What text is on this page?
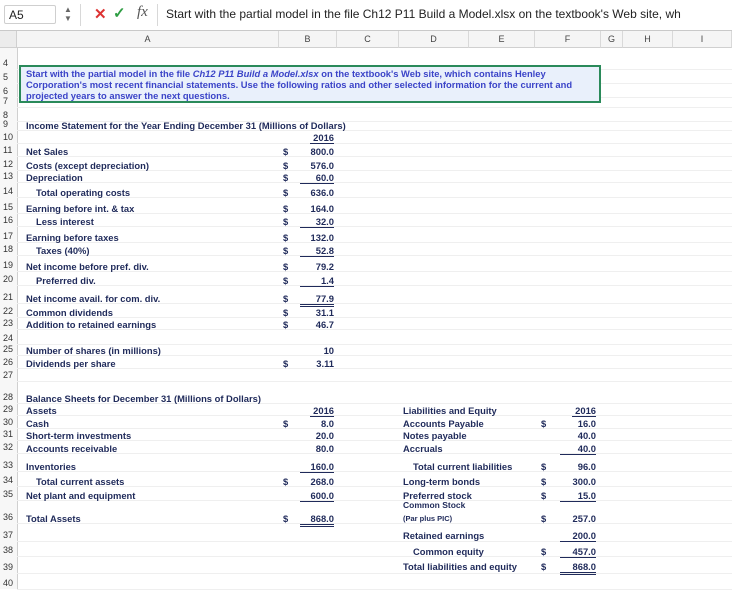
A5	▲
▼ ✕ ✓ fx Start with the partial model in the file Ch12 P11 Build a Model.xlsx on the textbook's Web site, wh
A	B	C	D	E	F	G	H	I
4
5
6
7
8
9
10
11
12
13
14
15
16
17
18
19
20
21
22
23
24
25
26
27
28
29
30
31
32
33
34
35
36
37
38
39
40
Start with the partial model in the file Ch12 P11 Build a Model.xlsx on the textbook's Web site, which contains Henley Corporation's most recent financial statements. Use the following ratios and other selected information for the current and projected years to answer the next questions.
Income Statement for the Year Ending December 31 (Millions of Dollars)
2016
Net Sales	$	800.0
Costs (except depreciation)	$	576.0
Depreciation	$	60.0
Total operating costs	$	636.0
Earning before int. & tax	$	164.0
Less interest	$	32.0
Earning before taxes	$	132.0
Taxes (40%)	$	52.8
Net income before pref. div.	$	79.2
Preferred div.	$	1.4
Net income avail. for com. div.	$	77.9
Common dividends	$	31.1
Addition to retained earnings	$	46.7
Number of shares (in millions)	10
Dividends per share	$	3.11
Balance Sheets for December 31 (Millions of Dollars)
Assets	2016
Cash	$	8.0
Short-term investments	20.0
Accounts receivable	80.0
Inventories	160.0
Total current assets	$	268.0
Net plant and equipment	600.0
Total Assets	$	868.0
Liabilities and Equity	2016
Accounts Payable	$	16.0
Notes payable	40.0
Accruals	40.0
Total current liabilities	$	96.0
Long-term bonds	$	300.0
Preferred stock	$	15.0
Common Stock
(Par plus PIC)	$	257.0
Retained earnings	200.0
Common equity	$	457.0
Total liabilities and equity	$	868.0
